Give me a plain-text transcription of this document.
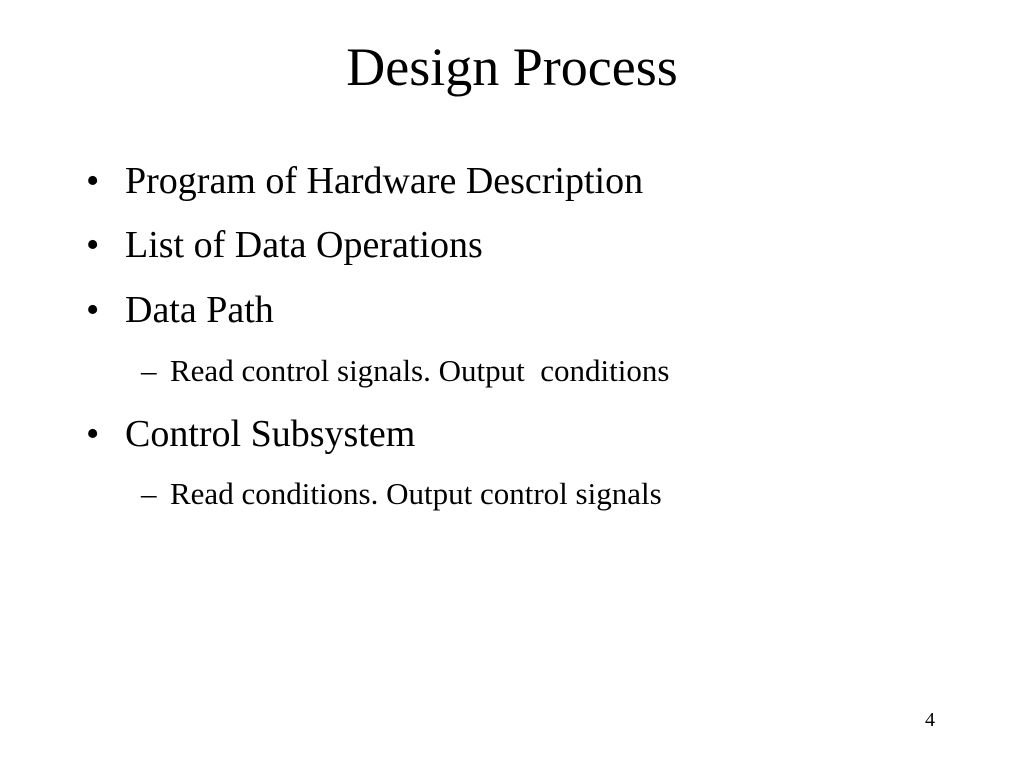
Design Process
• Program of Hardware Description
• List of Data Operations
• Data Path
– Read control signals. Output  conditions
• Control Subsystem
– Read conditions. Output control signals
4
